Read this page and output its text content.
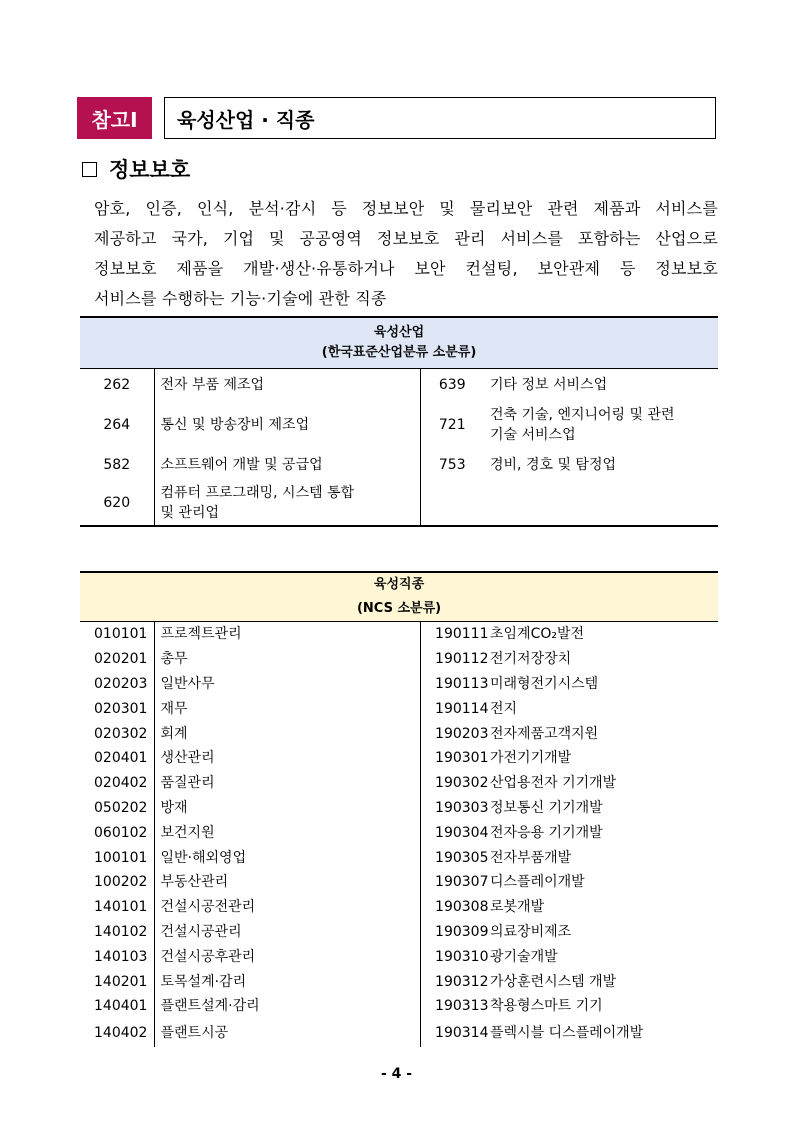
참고Ⅰ	육성산업 · 직종
정보보호
암호, 인증, 인식, 분석·감시 등 정보보안 및 물리보안 관련 제품과 서비스를
제공하고 국가, 기업 및 공공영역 정보보호 관리 서비스를 포함하는 산업으로
정보보호 제품을 개발·생산·유통하거나 보안 컨설팅, 보안관제 등 정보보호
서비스를 수행하는 기능·기술에 관한 직종
육성산업
(한국표준산업분류 소분류)			

262	전자 부품 제조업	639	기타 정보 서비스업
264	통신 및 방송장비 제조업	721	건축 기술, 엔지니어링 및 관련
기술 서비스업
582	소프트웨어 개발 및 공급업	753	경비, 경호 및 탐정업
620	컴퓨터 프로그래밍, 시스템 통합
및 관리업		
육성직종
(NCS 소분류)			

010101	프로젝트관리	190111	초임계CO₂발전
020201	총무	190112	전기저장장치
020203	일반사무	190113	미래형전기시스템
020301	재무	190114	전지
020302	회계	190203	전자제품고객지원
020401	생산관리	190301	가전기기개발
020402	품질관리	190302	산업용전자 기기개발
050202	방재	190303	정보통신 기기개발
060102	보건지원	190304	전자응용 기기개발
100101	일반·해외영업	190305	전자부품개발
100202	부동산관리	190307	디스플레이개발
140101	건설시공전관리	190308	로봇개발
140102	건설시공관리	190309	의료장비제조
140103	건설시공후관리	190310	광기술개발
140201	토목설계·감리	190312	가상훈련시스템 개발
140401	플랜트설계·감리	190313	착용형스마트 기기
140402	플랜트시공	190314	플렉시블 디스플레이개발
- 4 -
